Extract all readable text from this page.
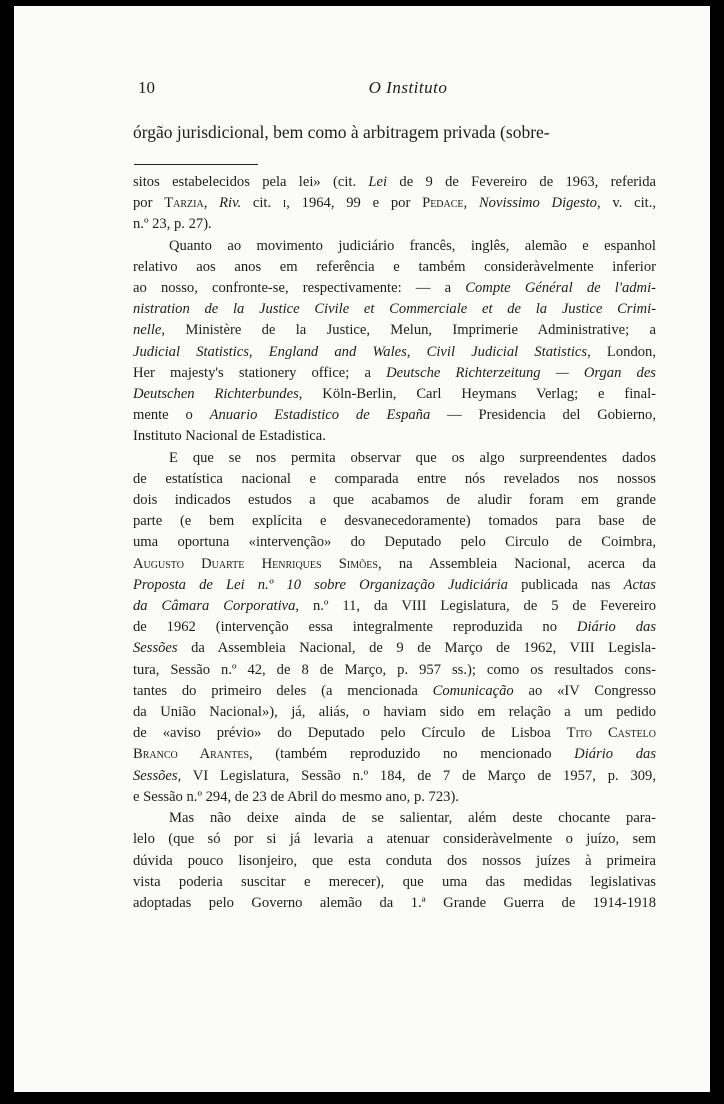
10	O Instituto
órgão jurisdicional, bem como à arbitragem privada (sobre-

sitos estabelecidos pela lei» (cit. Lei de 9 de Fevereiro de 1963, referida

por Tarzia, Riv. cit. i, 1964, 99 e por Pedace, Novissimo Digesto, v. cit.,

n.º 23, p. 27).

Quanto ao movimento judiciário francês, inglês, alemão e espanhol

relativo aos anos em referência e também consideràvelmente inferior

ao nosso, confronte-se, respectivamente: — a Compte Général de l'admi-

nistration de la Justice Civile et Commerciale et de la Justice Crimi-

nelle, Ministère de la Justice, Melun, Imprimerie Administrative; a

Judicial Statistics, England and Wales, Civil Judicial Statistics, London,

Her majesty's stationery office; a Deutsche Richterzeitung — Organ des

Deutschen Richterbundes, Köln-Berlin, Carl Heymans Verlag; e final-

mente o Anuario Estadistico de España — Presidencia del Gobierno,

Instituto Nacional de Estadistica.

E que se nos permita observar que os algo surpreendentes dados

de estatística nacional e comparada entre nós revelados nos nossos

dois indicados estudos a que acabamos de aludir foram em grande

parte (e bem explícita e desvanecedoramente) tomados para base de

uma oportuna «intervenção» do Deputado pelo Circulo de Coimbra,

Augusto Duarte Henriques Simões, na Assembleia Nacional, acerca da

Proposta de Lei n.º 10 sobre Organização Judiciária publicada nas Actas

da Câmara Corporativa, n.º 11, da VIII Legislatura, de 5 de Fevereiro

de 1962 (intervenção essa integralmente reproduzida no Diário das

Sessões da Assembleia Nacional, de 9 de Março de 1962, VIII Legisla-

tura, Sessão n.º 42, de 8 de Março, p. 957 ss.); como os resultados cons-

tantes do primeiro deles (a mencionada Comunicação ao «IV Congresso

da União Nacional»), já, aliás, o haviam sido em relação a um pedido

de «aviso prévio» do Deputado pelo Círculo de Lisboa Tito Castelo

Branco Arantes, (também reproduzido no mencionado Diário das

Sessões, VI Legislatura, Sessão n.º 184, de 7 de Março de 1957, p. 309,

e Sessão n.º 294, de 23 de Abril do mesmo ano, p. 723).

Mas não deixe ainda de se salientar, além deste chocante para-

lelo (que só por si já levaria a atenuar consideràvelmente o juízo, sem

dúvida pouco lisonjeiro, que esta conduta dos nossos juízes à primeira

vista poderia suscitar e merecer), que uma das medidas legislativas

adoptadas pelo Governo alemão da 1.ª Grande Guerra de 1914-1918
